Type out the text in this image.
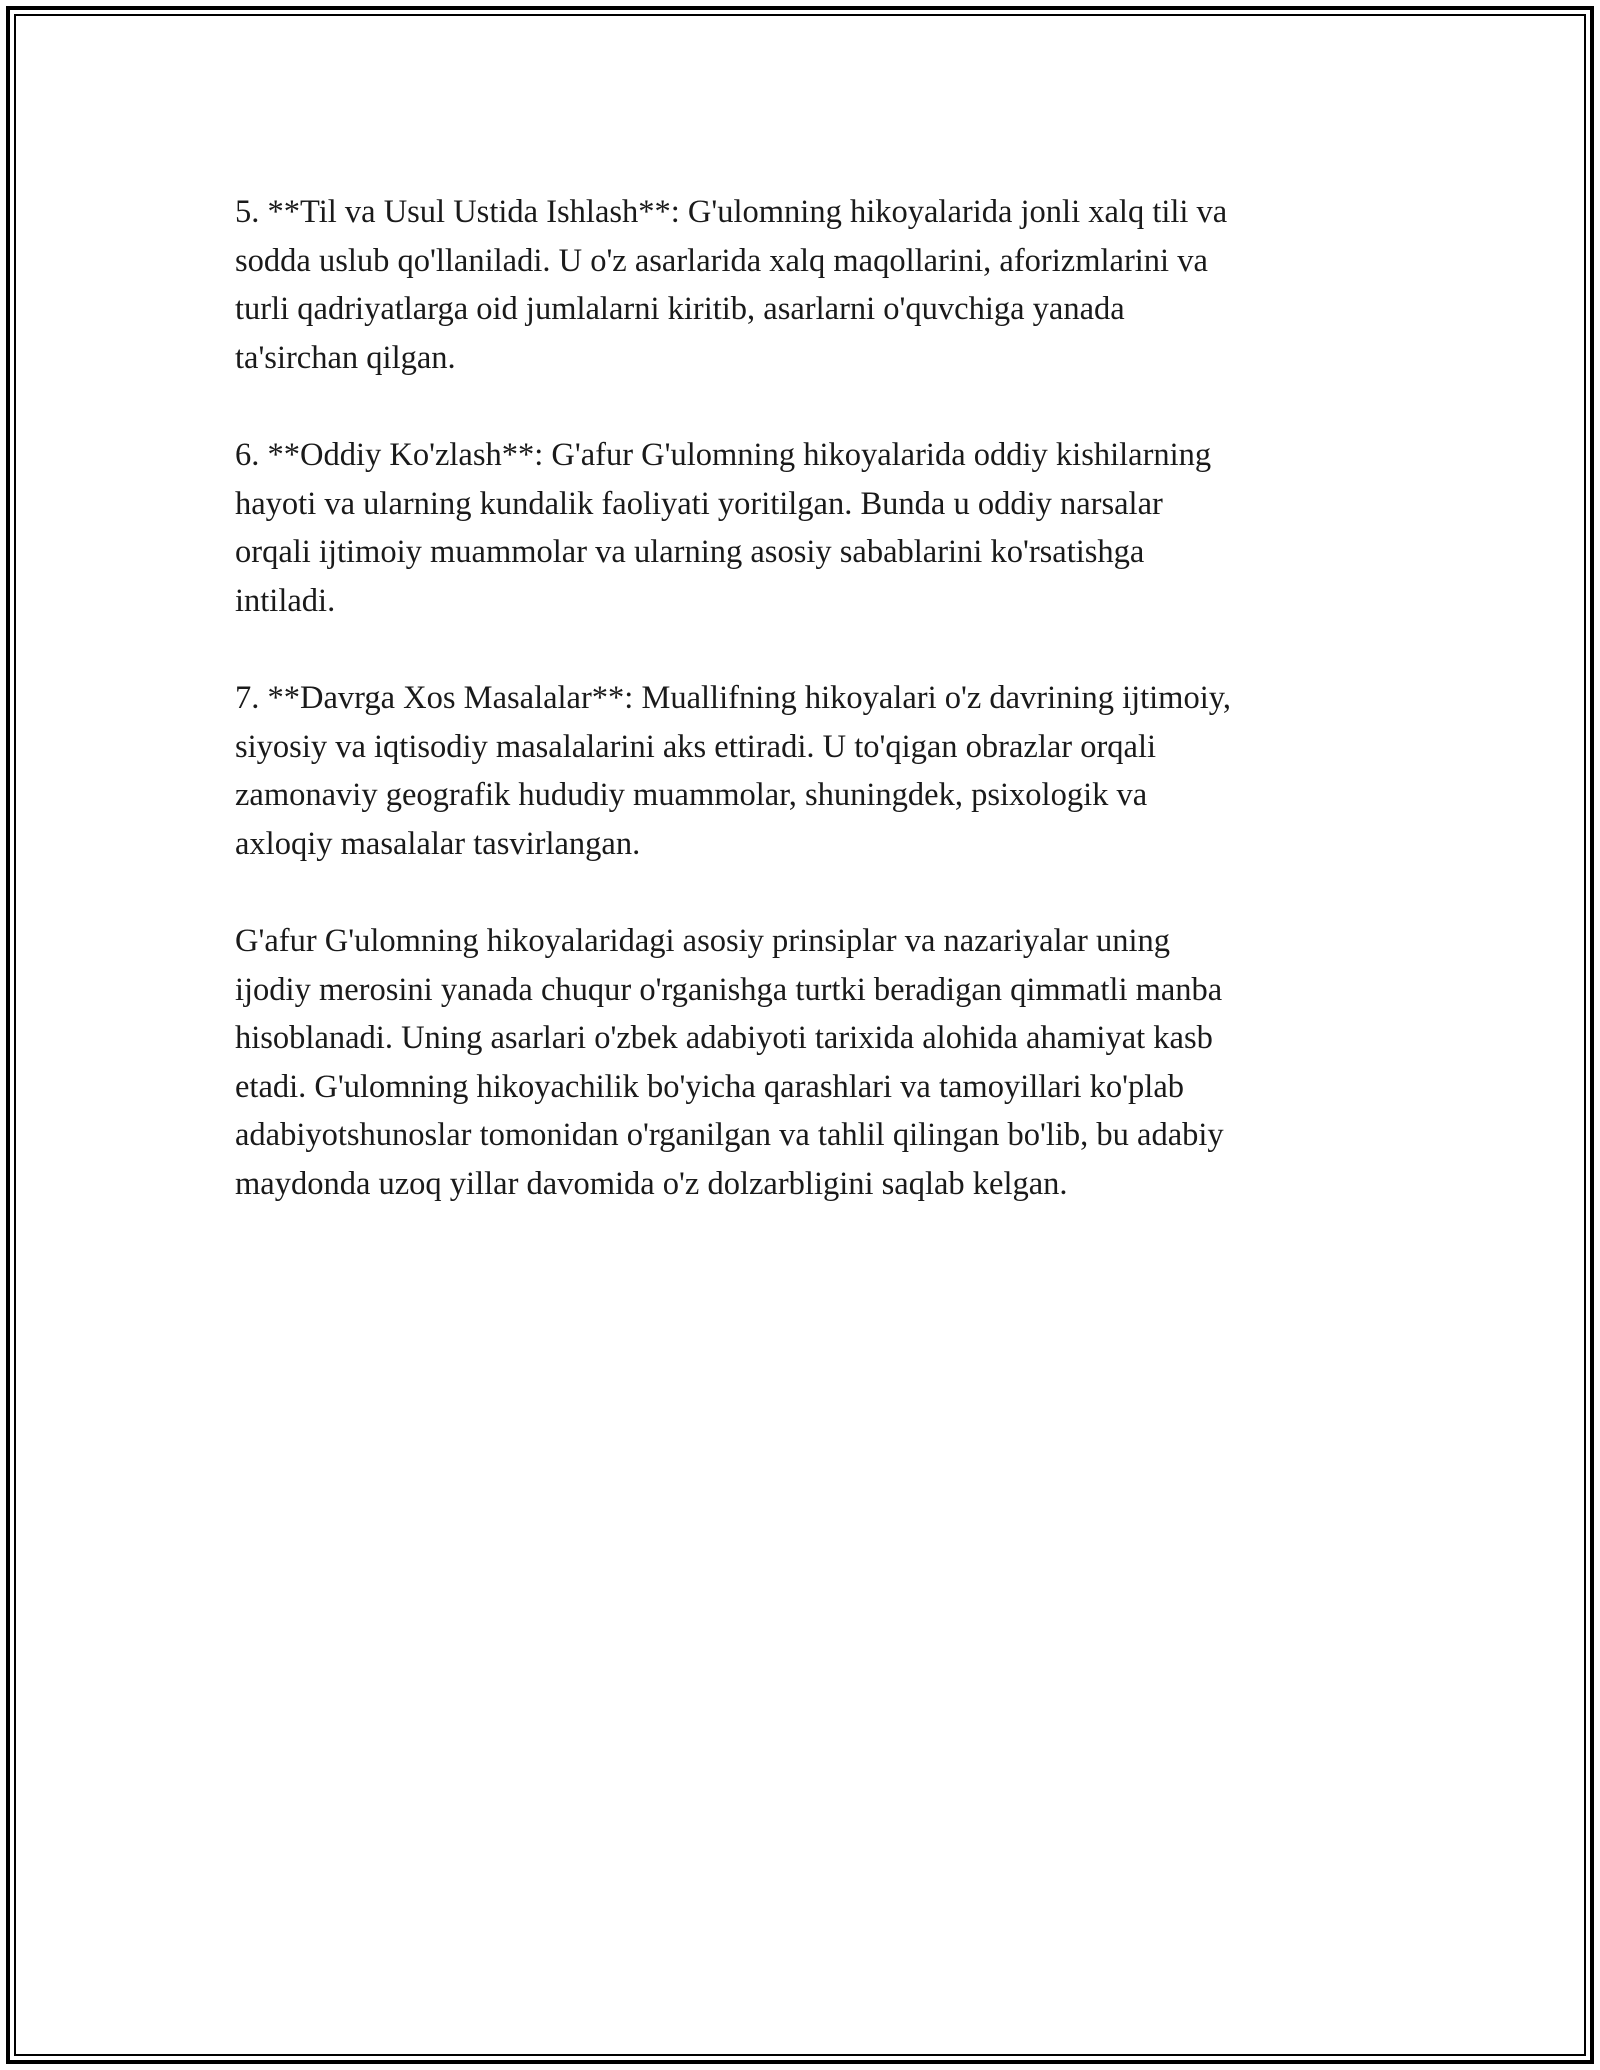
5. **Til va Usul Ustida Ishlash**: G'ulomning hikoyalarida jonli xalq tili va
sodda uslub qo'llaniladi. U o'z asarlarida xalq maqollarini, aforizmlarini va
turli qadriyatlarga oid jumlalarni kiritib, asarlarni o'quvchiga yanada
ta'sirchan qilgan.

6. **Oddiy Ko'zlash**: G'afur G'ulomning hikoyalarida oddiy kishilarning
hayoti va ularning kundalik faoliyati yoritilgan. Bunda u oddiy narsalar
orqali ijtimoiy muammolar va ularning asosiy sabablarini ko'rsatishga
intiladi.

7. **Davrga Xos Masalalar**: Muallifning hikoyalari o'z davrining ijtimoiy,
siyosiy va iqtisodiy masalalarini aks ettiradi. U to'qigan obrazlar orqali
zamonaviy geografik hududiy muammolar, shuningdek, psixologik va
axloqiy masalalar tasvirlangan.

G'afur G'ulomning hikoyalaridagi asosiy prinsiplar va nazariyalar uning
ijodiy merosini yanada chuqur o'rganishga turtki beradigan qimmatli manba
hisoblanadi. Uning asarlari o'zbek adabiyoti tarixida alohida ahamiyat kasb
etadi. G'ulomning hikoyachilik bo'yicha qarashlari va tamoyillari ko'plab
adabiyotshunoslar tomonidan o'rganilgan va tahlil qilingan bo'lib, bu adabiy
maydonda uzoq yillar davomida o'z dolzarbligini saqlab kelgan.
